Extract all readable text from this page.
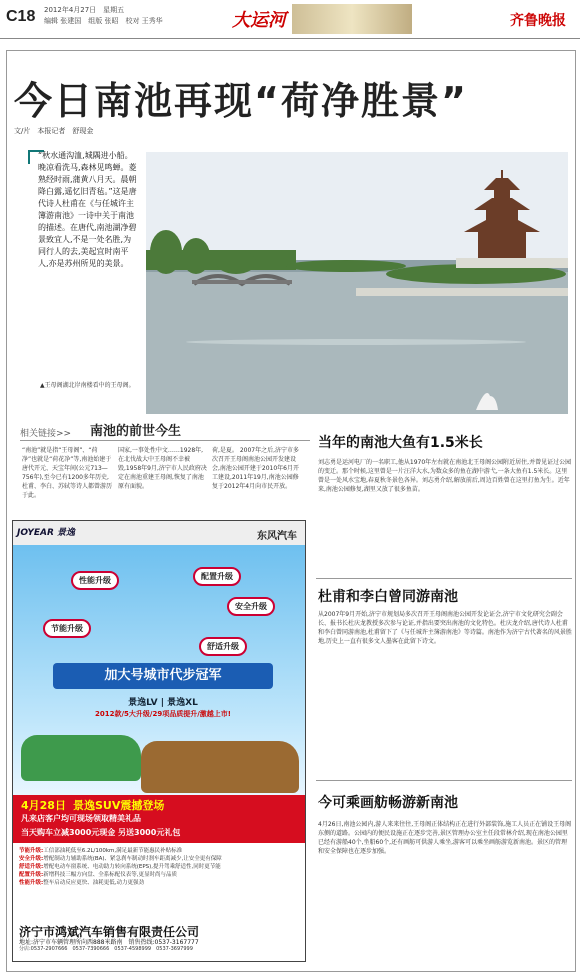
C18 2012年4月27日　星期五
编辑 张建国　组版 张昭　校对 王秀华	大运河	齐鲁晚报
今日南池再现“荷净胜景”
文/片　本报记者　舒现金
“秋水通沟洫,城隅进小船。晚凉看洗马,森林见鸣蝉。菱熟经时雨,蒲黄八月天。晨朝降白露,遥忆旧青毡。”这是唐代诗人杜甫在《与任城许主簿游南池》一诗中关于南池的描述。在唐代,南池湖净碧景致宜人,不是一处名胜,为同行人的去,美起宜时南平人,亦是苏州所见的美景。
▲王母阁湖北岸南楼看中的王母阁。
相关链接>> 南池的前世今生
“南池”就是指“王母阁”、“荷净”也就是“荷花净”等,南池始建于唐代开元、天宝年间(公元713—756年),至今已有1200多年历史,杜甫、李白、苏轼等诗人都曾游历于此。
国家,一事处性中文……1928年,在北伐战大中王母阁不幸被毁,1958年9月,济宁市人民政府决定在南池重建王母阁,恢复了南池原有面貌。
荷,是夏。 2007年之后,济宁市多次召开王母阁南池公园开发建设会,南池公园开建于2010年6月开工建设,2011年19月,南池公园修复于2012年4月向市民开放。
JOYEAR 景逸	东风汽车
性能升级	配置升级
节能升级
安全升级
舒适升级
加大号城市代步冠军
景逸LV | 景逸XL
2012款/5大升级/29项品质提升/激越上市!
4月28日 景逸SUV震撼登场
凡来店客户均可现场领取精美礼品
当天购车立减3000元现金 另送3000元礼包
节能升级:工信部油耗低至6.2L/100km,满足最新节能惠民补贴标准
安全升级:增配制动力辅助系统(BA)、紧急刹车制动时刹车距离减少,让安全更有保障
舒适升级:增配电动车窗系统、电动助力转向系统(EPS),提升驾乘舒适性,同时更节能
配置升级:新增科技三幅方向盘、全系标配仪表等,更显时尚与品质
性能升级:整车启动反应更快、油耗更低,动力更强劲
济宁市鸿斌汽车销售有限责任公司
地址:济宁市车辆管理所向西888米路南　销售热线:0537-3167777
分店:0537-2907666　0537-7390666　0537-4598999　0537-3697999
当年的南池大鱼有1.5米长
刘志勇是运河电厂的一名职工,他从1970年左右就在南池北王母阁公园附近居住,并曾见证过公园的变迁。那个时候,这里曾是一片汪洋大水,为数众多的鱼在湖中游弋,一条大鱼有1.5米长。这里曾是一处风水宝地,春夏秋冬景色各异。刘志勇介绍,解放前后,周边百姓曾在这里打鱼为生。近年来,南池公园修复,湖里又放了很多鱼苗。
杜甫和李白曾同游南池
从2007年9月开始,济宁市规划局多次召开王母阁南池公园开发论证会,济宁市文化研究会副会长、报书长杜庆龙教授多次参与论证,并指出要突出南池的文化特色。杜庆龙介绍,唐代诗人杜甫和李白曾同游南池,杜甫留下了《与任城许主簿游南池》等诗篇。南池作为济宁古代著名的风景胜地,历史上一直有很多文人墨客在此留下诗文。
今可乘画舫畅游新南池
4月26日,南池公园内,游人来来往往,王母阁正体结构正在进行外部装饰,施工人员正在铺设王母阁东侧的道路。公园内的便民设施正在逐步完善,景区管理办公室主任段常林介绍,现在南池公园里已经有游船40个,坐船60个,还有画舫可供游人乘坐,游客可以乘坐画舫游览新南池。景区的管理和安全保障也在逐步加强。
